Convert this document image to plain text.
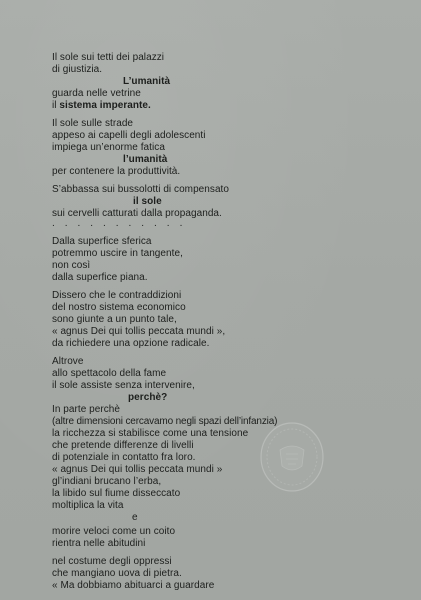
Il sole sui tetti dei palazzi
di giustizia.
L’umanità
guarda nelle vetrine
il sistema imperante.
Il sole sulle strade
appeso ai capelli degli adolescenti
impiega un’enorme fatica
l’umanità
per contenere la produttività.
S’abbassa sui bussolotti di compensato
il sole
sui cervelli catturati dalla propaganda.
. . . . . . . . . . .
Dalla superfice sferica
potremmo uscire in tangente,
non così
dalla superfice piana.
Dissero che le contraddizioni
del nostro sistema economico
sono giunte a un punto tale,
« agnus Dei qui tollis peccata mundi »,
da richiedere una opzione radicale.
Altrove
allo spettacolo della fame
il sole assiste senza intervenire,
perchè?
In parte perchè
(altre dimensioni cercavamo negli spazi dell’infanzia)
la ricchezza si stabilisce come una tensione
che pretende differenze di livelli
di potenziale in contatto fra loro.
« agnus Dei qui tollis peccata mundi »
gl’indiani brucano l’erba,
la libido sul fiume disseccato
moltiplica la vita
e
morire veloci come un coito
rientra nelle abitudini
nel costume degli oppressi
che mangiano uova di pietra.
« Ma dobbiamo abituarci a guardare
